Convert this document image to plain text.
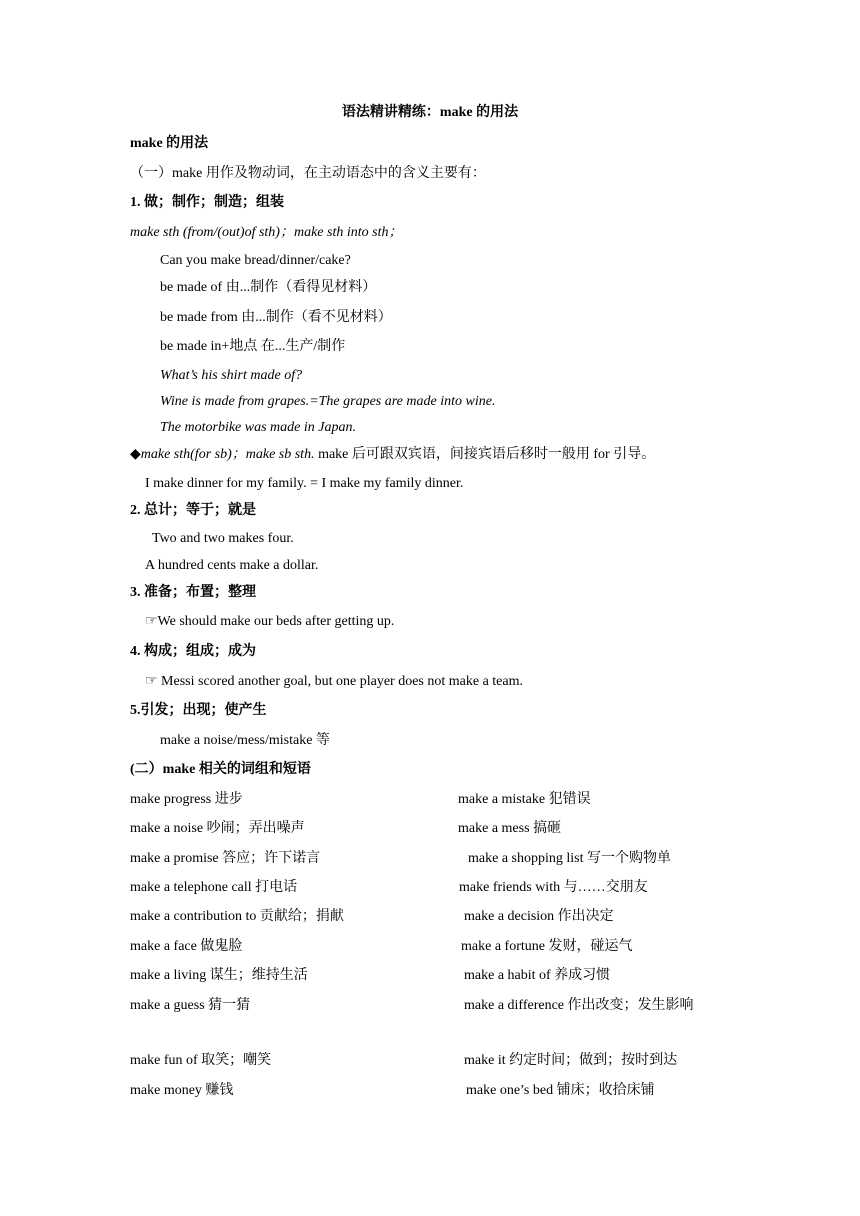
语法精讲精练：make 的用法
make 的用法
（一）make 用作及物动词，在主动语态中的含义主要有：
1. 做；制作；制造；组装
make sth (from/(out)of sth)；make sth into sth；
Can you make bread/dinner/cake?
be made of 由...制作（看得见材料）
be made from 由...制作（看不见材料）
be made in+地点 在...生产/制作
What’s his shirt made of?
Wine is made from grapes.=The grapes are made into wine.
The motorbike was made in Japan.
◆make sth(for sb)；make sb sth. make 后可跟双宾语，间接宾语后移时一般用 for 引导。
I make dinner for my family. = I make my family dinner.
2. 总计；等于；就是
Two and two makes four.
A hundred cents make a dollar.
3. 准备；布置；整理
☞We should make our beds after getting up.
4. 构成；组成；成为
☞ Messi scored another goal, but one player does not make a team.
5.引发；出现；使产生
make a noise/mess/mistake 等
(二）make 相关的词组和短语
make progress 进步	make a mistake 犯错误
make a noise 吵闹；弄出噪声	make a mess 搞砸
make a promise 答应；许下诺言	make a shopping list 写一个购物单
make a telephone call 打电话	make friends with 与……交朋友
make a contribution to 贡献给；捐献	make a decision 作出决定
make a face 做鬼脸	make a fortune 发财，碰运气
make a living 谋生；维持生活	make a habit of 养成习惯
make a guess 猜一猜	make a difference 作出改变；发生影响
make fun of 取笑；嘲笑	make it 约定时间；做到；按时到达
make money 赚钱	make one’s bed 铺床；收拾床铺
